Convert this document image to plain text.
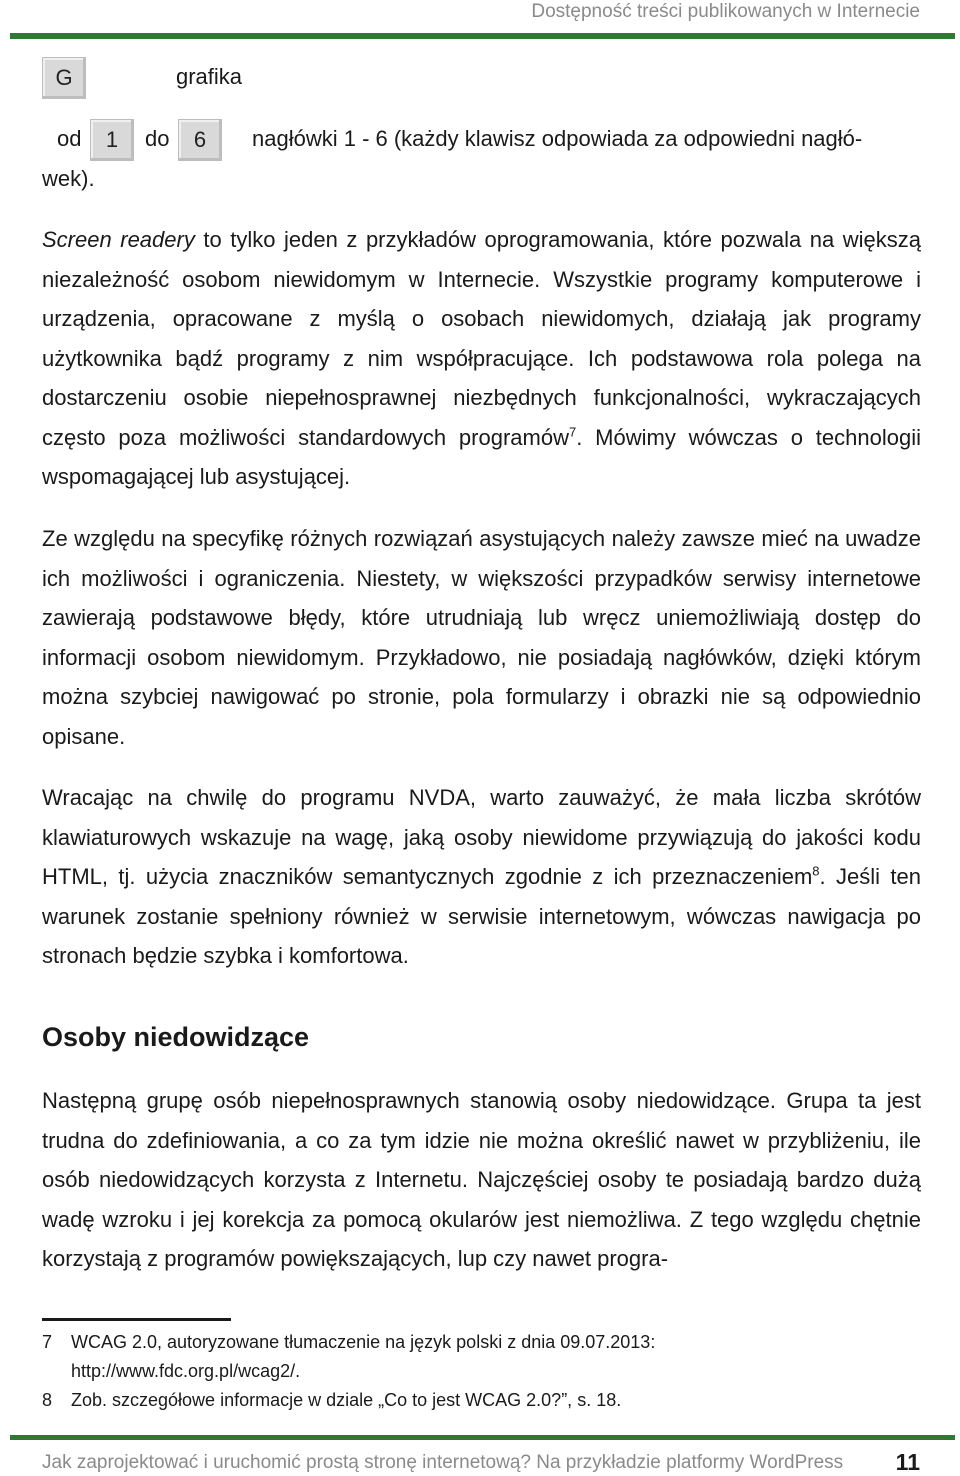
Dostępność treści publikowanych w Internecie
G	grafika
od	1	do	6	nagłówki 1 - 6 (każdy klawisz odpowiada za odpowiedni nagłó-
wek).

Screen readery to tylko jeden z przykładów oprogramowania, które pozwala na większą niezależność osobom niewidomym w Internecie. Wszystkie programy komputerowe i urządzenia, opracowane z myślą o osobach niewidomych, działają jak programy użytkownika bądź programy z nim współpracujące. Ich podstawowa rola polega na dostarczeniu osobie niepełnosprawnej niezbędnych funkcjonalności, wykraczających często poza możliwości standardowych programów$^7$. Mówimy wówczas o technologii wspomagającej lub asystującej.

Ze względu na specyfikę różnych rozwiązań asystujących należy zawsze mieć na uwadze ich możliwości i ograniczenia. Niestety, w większości przypadków serwisy internetowe zawierają podstawowe błędy, które utrudniają lub wręcz uniemożliwiają dostęp do informacji osobom niewidomym. Przykładowo, nie posiadają nagłówków, dzięki którym można szybciej nawigować po stronie, pola formularzy i obrazki nie są odpowiednio opisane.

Wracając na chwilę do programu NVDA, warto zauważyć, że mała liczba skrótów klawiaturowych wskazuje na wagę, jaką osoby niewidome przywiązują do jakości kodu HTML, tj. użycia znaczników semantycznych zgodnie z ich przeznaczeniem$^8$. Jeśli ten warunek zostanie spełniony również w serwisie internetowym, wówczas nawigacja po stronach będzie szybka i komfortowa.

Osoby niedowidzące

Następną grupę osób niepełnosprawnych stanowią osoby niedowidzące. Grupa ta jest trudna do zdefiniowania, a co za tym idzie nie można określić nawet w przybliżeniu, ile osób niedowidzących korzysta z Internetu. Najczęściej osoby te posiadają bardzo dużą wadę wzroku i jej korekcja za pomocą okularów jest niemożliwa. Z tego względu chętnie korzystają z programów powiększających, lup czy nawet progra-

7 WCAG 2.0, autoryzowane tłumaczenie na język polski z dnia 09.07.2013:
http://www.fdc.org.pl/wcag2/.
8 Zob. szczegółowe informacje w dziale „Co to jest WCAG 2.0?”, s. 18.
Jak zaprojektować i uruchomić prostą stronę internetową? Na przykładzie platformy WordPress 11
